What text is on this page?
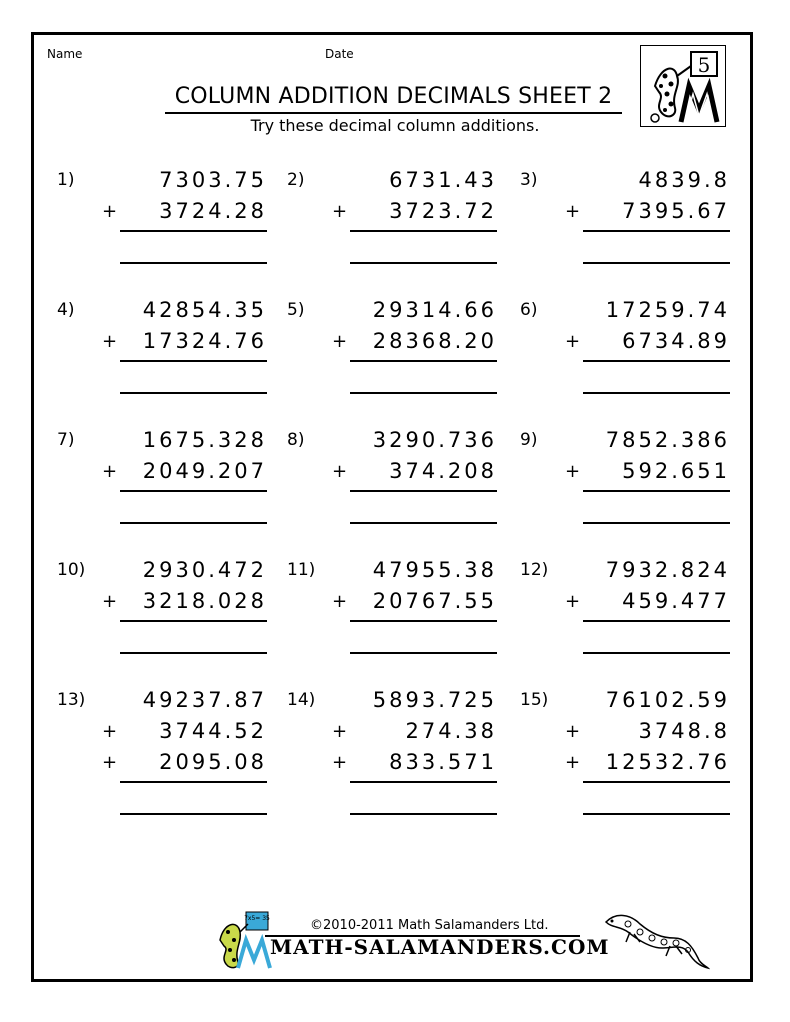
Name	Date
COLUMN ADDITION DECIMALS SHEET 2
Try these decimal column additions.
5
1)	7303.75
+ 3724.28
2)	6731.43
+ 3723.72
3)	4839.8
+ 7395.67
4)	42854.35
+ 17324.76
5)	29314.66
+ 28368.20
6)	17259.74
+ 6734.89
7)	1675.328
+ 2049.207
8)	3290.736
+ 374.208
9)	7852.386
+ 592.651
10)	2930.472
+ 3218.028
11)	47955.38
+ 20767.55
12)	7932.824
+ 459.477
13)	49237.87
+ 3744.52
+ 2095.08
14)	5893.725
+	274.38
+ 833.571
15)	76102.59
+	3748.8
+ 12532.76
7x5= 35	©2010-2011 Math Salamanders Ltd.
MATH-SALAMANDERS.COM
